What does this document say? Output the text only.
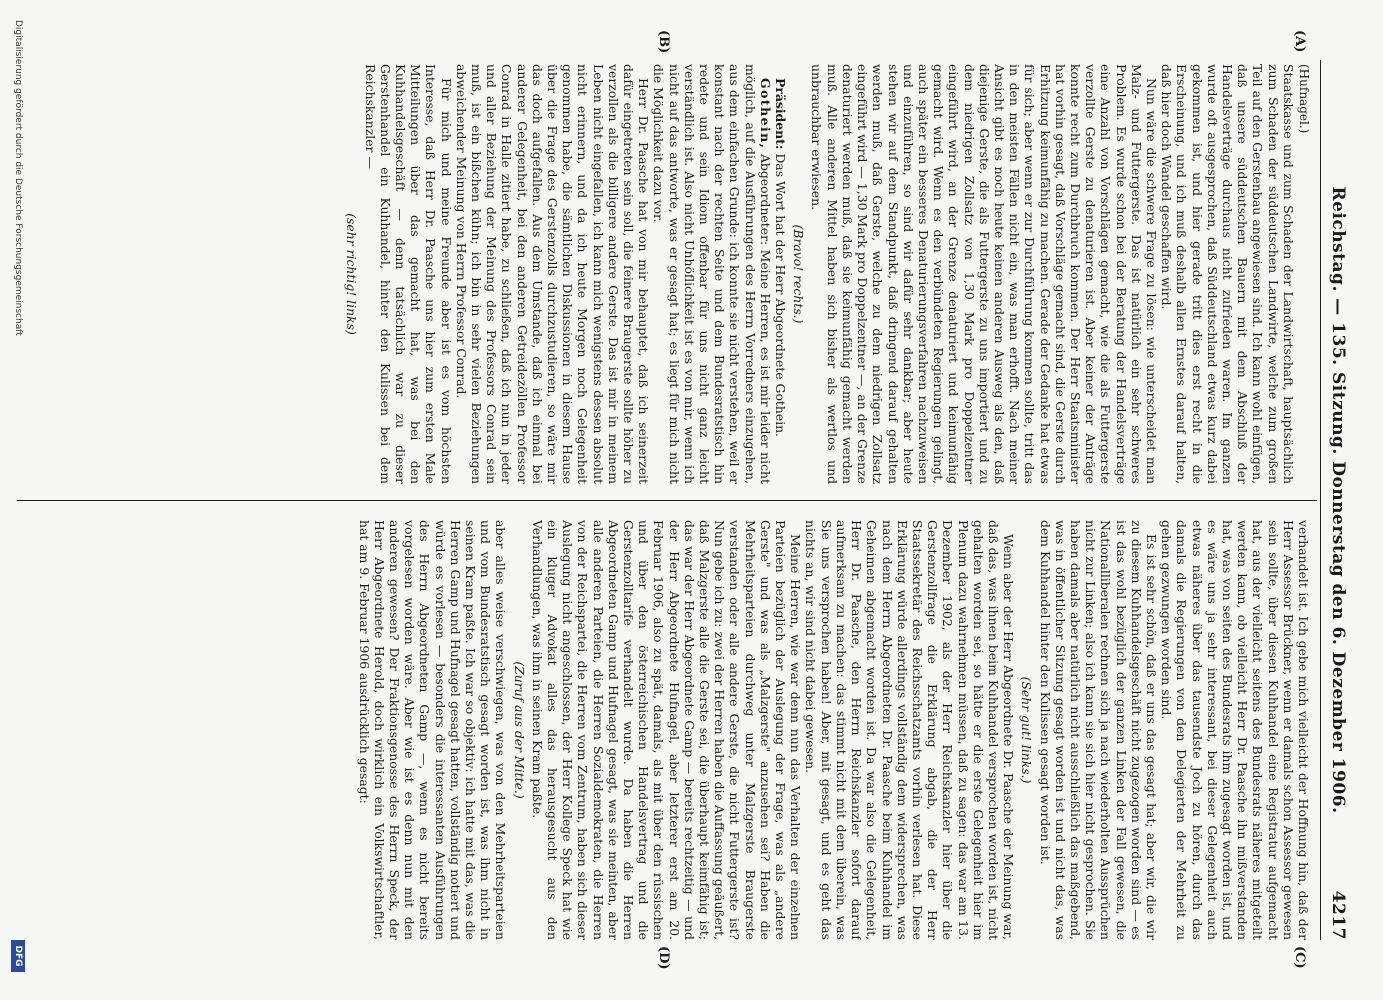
Reichstag. — 135. Sitzung. Donnerstag den 6. Dezember 1906.
4217
(A)
(B)
(C)
(D)

(Hufnagel.)

Staatskasse und zum Schaden der Landwirtschaft, hauptsächlich zum Schaden der süddeutschen Landwirte, welche zum großen Teil auf den Gerstenbau angewiesen sind. Ich kann wohl einfügen, daß unsere süddeutschen Bauern mit dem Abschluß der Handelsverträge durchaus nicht zufrieden waren. Im ganzen wurde oft ausgesprochen, daß Süddeutschland etwas kurz dabei gekommen ist, und hier gerade tritt dies erst recht in die Erscheinung, und ich muß deshalb allen Ernstes darauf halten, daß hier doch Wandel geschaffen wird.

Nun wäre die schwere Frage zu lösen: wie unterscheidet man Malz- und Futtergerste. Das ist natürlich ein sehr schweres Problem. Es wurde schon bei der Beratung der Handelsverträge eine Anzahl von Vorschlägen gemacht, wie die als Futtergerste verzollte Gerste zu denaturieren ist. Aber keiner der Anträge konnte recht zum Durchbruch kommen. Der Herr Staatsminister hat vorhin gesagt, daß Vorschläge gemacht sind, die Gerste durch Erhitzung keimunfähig zu machen. Gerade der Gedanke hat etwas für sich; aber wenn er zur Durchführung kommen sollte, tritt das in den meisten Fällen nicht ein, was man erhofft. Nach meiner Ansicht gibt es noch heute keinen anderen Ausweg als den, daß diejenige Gerste, die als Futtergerste zu uns importiert und zu dem niedrigen Zollsatz von 1,30 Mark pro Doppelzentner eingeführt wird, an der Grenze denaturiert und keimunfähig gemacht wird. Wenn es den verbündeten Regierungen gelingt, auch später ein besseres Denaturierungsverfahren nachzuweisen und einzuführen, so sind wir dafür sehr dankbar; aber heute stehen wir auf dem Standpunkt, daß dringend darauf gehalten werden muß, daß Gerste, welche zu dem niedrigen Zollsatz eingeführt wird — 1,30 Mark pro Doppelzentner —, an der Grenze denaturiert werden muß, daß sie keimunfähig gemacht werden muß. Alle anderen Mittel haben sich bisher als wertlos und unbrauchbar erwiesen.

(Bravo! rechts.)

Präsident: Das Wort hat der Herr Abgeordnete Gothein.

Gothein, Abgeordneter: Meine Herren, es ist mir leider nicht möglich, auf die Ausführungen des Herrn Vorredners einzugehen, aus dem einfachen Grunde: ich konnte sie nicht verstehen, weil er konstant nach der rechten Seite und dem Bundesratstisch hin redete und sein Idiom offenbar für uns nicht ganz leicht verständlich ist. Also nicht Unhöflichkeit ist es von mir, wenn ich nicht auf das antworte, was er gesagt hat; es liegt für mich nicht die Möglichkeit dazu vor.

Herr Dr. Paasche hat von mir behauptet, daß ich seinerzeit dafür eingetreten sein soll, die feinere Braugerste sollte höher zu verzollen als die billigere andere Gerste. Das ist mir in meinem Leben nicht eingefallen, ich kann mich wenigstens dessen absolut nicht erinnern, und da ich heute Morgen noch Gelegenheit genommen habe, die sämtlichen Diskussionen in diesem Hause über die Frage des Gerstenzolls durchzustudieren, so wäre mir das doch aufgefallen. Aus dem Umstande, daß ich einmal bei anderer Gelegenheit, bei den anderen Getreidezöllen Professor Conrad in Halle zitiert habe, zu schließen, daß ich nun in jeder und aller Beziehung der Meinung des Professors Conrad sein muß, ist ein bißchen kühn; ich bin in sehr vielen Beziehungen abweichender Meinung von Herrn Professor Conrad.

Für mich und meine Freunde aber ist es vom höchsten Interesse, daß Herr Dr. Paasche uns hier zum ersten Male Mitteilungen über das gemacht hat, was bei den Kuhhandelsgeschäft — denn tatsächlich war zu dieser Gerstenhandel ein Kuhhandel, hinter den Kulissen bei dem Reichskanzler —

(sehr richtig! links)

verhandelt ist. Ich gebe mich vielleicht der Hoffnung hin, daß der Herr Assessor Brückner, wenn er damals schon Assessor gewesen sein sollte, über diesen Kuhhandel eine Registratur aufgemacht hat, aus der vielleicht seitens des Bundesrats näheres mitgeteilt werden kann, ob vielleicht Herr Dr. Paasche ihn mißverstanden hat, was von seiten des Bundesrats ihm zugesagt worden ist, und es wäre uns ja sehr interessant, bei dieser Gelegenheit auch etwas näheres über das tausendste Joch zu hören, durch das damals die Regierungen von den Delegierten der Mehrheit zu gehen gezwungen worden sind.

Es ist sehr schön, daß er uns das gesagt hat; aber wir, die wir zu diesem Kuhhandelsgeschäft nicht zugezogen worden sind — es ist das wohl bezüglich der ganzen Linken der Fall gewesen, die Nationalliberalen rechnen sich ja nach wiederholten Aussprüchen nicht zur Linken; also ich kann sie sich hier nicht gesprochen. Sie haben damals aber natürlich nicht ausschließlich das maßgebend, was in öffentlicher Sitzung gesagt worden ist und nicht das, was dem Kuhhandel hinter den Kulissen gesagt worden ist.

(Sehr gut! links.)

Wenn aber der Herr Abgeordnete Dr. Paasche der Meinung war, daß das, was ihnen beim Kuhhandel versprochen worden ist, nicht gehalten worden sei, so hätte er die erste Gelegenheit hier im Plenum dazu wahrnehmen müssen, daß zu sagen: das war am 13. Dezember 1902, als der Herr Reichskanzler hier über die Gerstenzollfrage die Erklärung abgab, die der Herr Staatssekretär des Reichsschatzamts vorhin verlesen hat. Diese Erklärung würde allerdings vollständig dem widersprechen, was nach dem Herrn Abgeordneten Dr. Paasche beim Kuhhandel im Geheimen abgemacht worden ist. Da war also die Gelegenheit, Herr Dr. Paasche, den Herrn Reichskanzler sofort darauf aufmerksam zu machen: das stimmt nicht mit dem überein, was Sie uns versprochen haben! Aber, mit gesagt, und es geht das nichts an, wir sind nicht dabei gewesen.

Meine Herren, wie war denn nun das Verhalten der einzelnen Parteien bezüglich der Auslegung der Frage, was als „andere Gerste" und was als „Malzgerste" anzusehen sei? Haben die Mehrheitsparteien durchweg unter Malzgerste Braugerste verstanden oder alle andere Gerste, die nicht Futtergerste ist? Nun gebe ich zu: zwei der Herren haben die Auffassung geäußert, daß Malzgerste alle die Gerste sei, die überhaupt keimfähig ist; das war der Herr Abgeordnete Gamp — bereits rechtzeitig — und der Herr Abgeordnete Hufnagel, aber letzterer erst am 20. Februar 1906, also zu spät, damals, als mit über den rüssischen und über den österreichischen Handelsvertrag und die Gerstenzolltarife verhandelt wurde. Da haben die Herren Abgeordneten Gamp und Hufnagel gesagt, was sie meinten, aber alle anderen Parteien, die Herren Sozialdemokraten, die Herren von der Reichspartei, die Herren vom Zentrum, haben sich dieser Auslegung nicht angeschlossen, der Herr Kollege Speck hat wie ein kluger Advokat alles das herausgesucht aus den Verhandlungen, was ihm in seinen Kram paßte.

(Zuruf aus der Mitte.)

aber alles weise verschwiegen, was von den Mehrheitsparteien und vom Bundesratstisch gesagt worden ist, was ihm nicht in seinen Kram paßte. Ich war so objektiv: ich hatte mit das, was die Herren Gamp und Hufnagel gesagt hatten, vollständig notiert und würde es vorlesen — besonders die interessanten Ausführungen des Herrn Abgeordneten Gamp —, wenn es nicht bereits vorgelesen worden wäre. Aber wie ist es denn nun mit den anderen gewesen? Der Fraktionsgenosse des Herrn Speck, der Herr Abgeordnete Herold, doch wirklich ein Volkswirtschaftler, hat am 9. Februar 1906 ausdrücklich gesagt:

Digitalisierung gefördert durch die Deutsche Forschungsgemeinschaft
DFG
